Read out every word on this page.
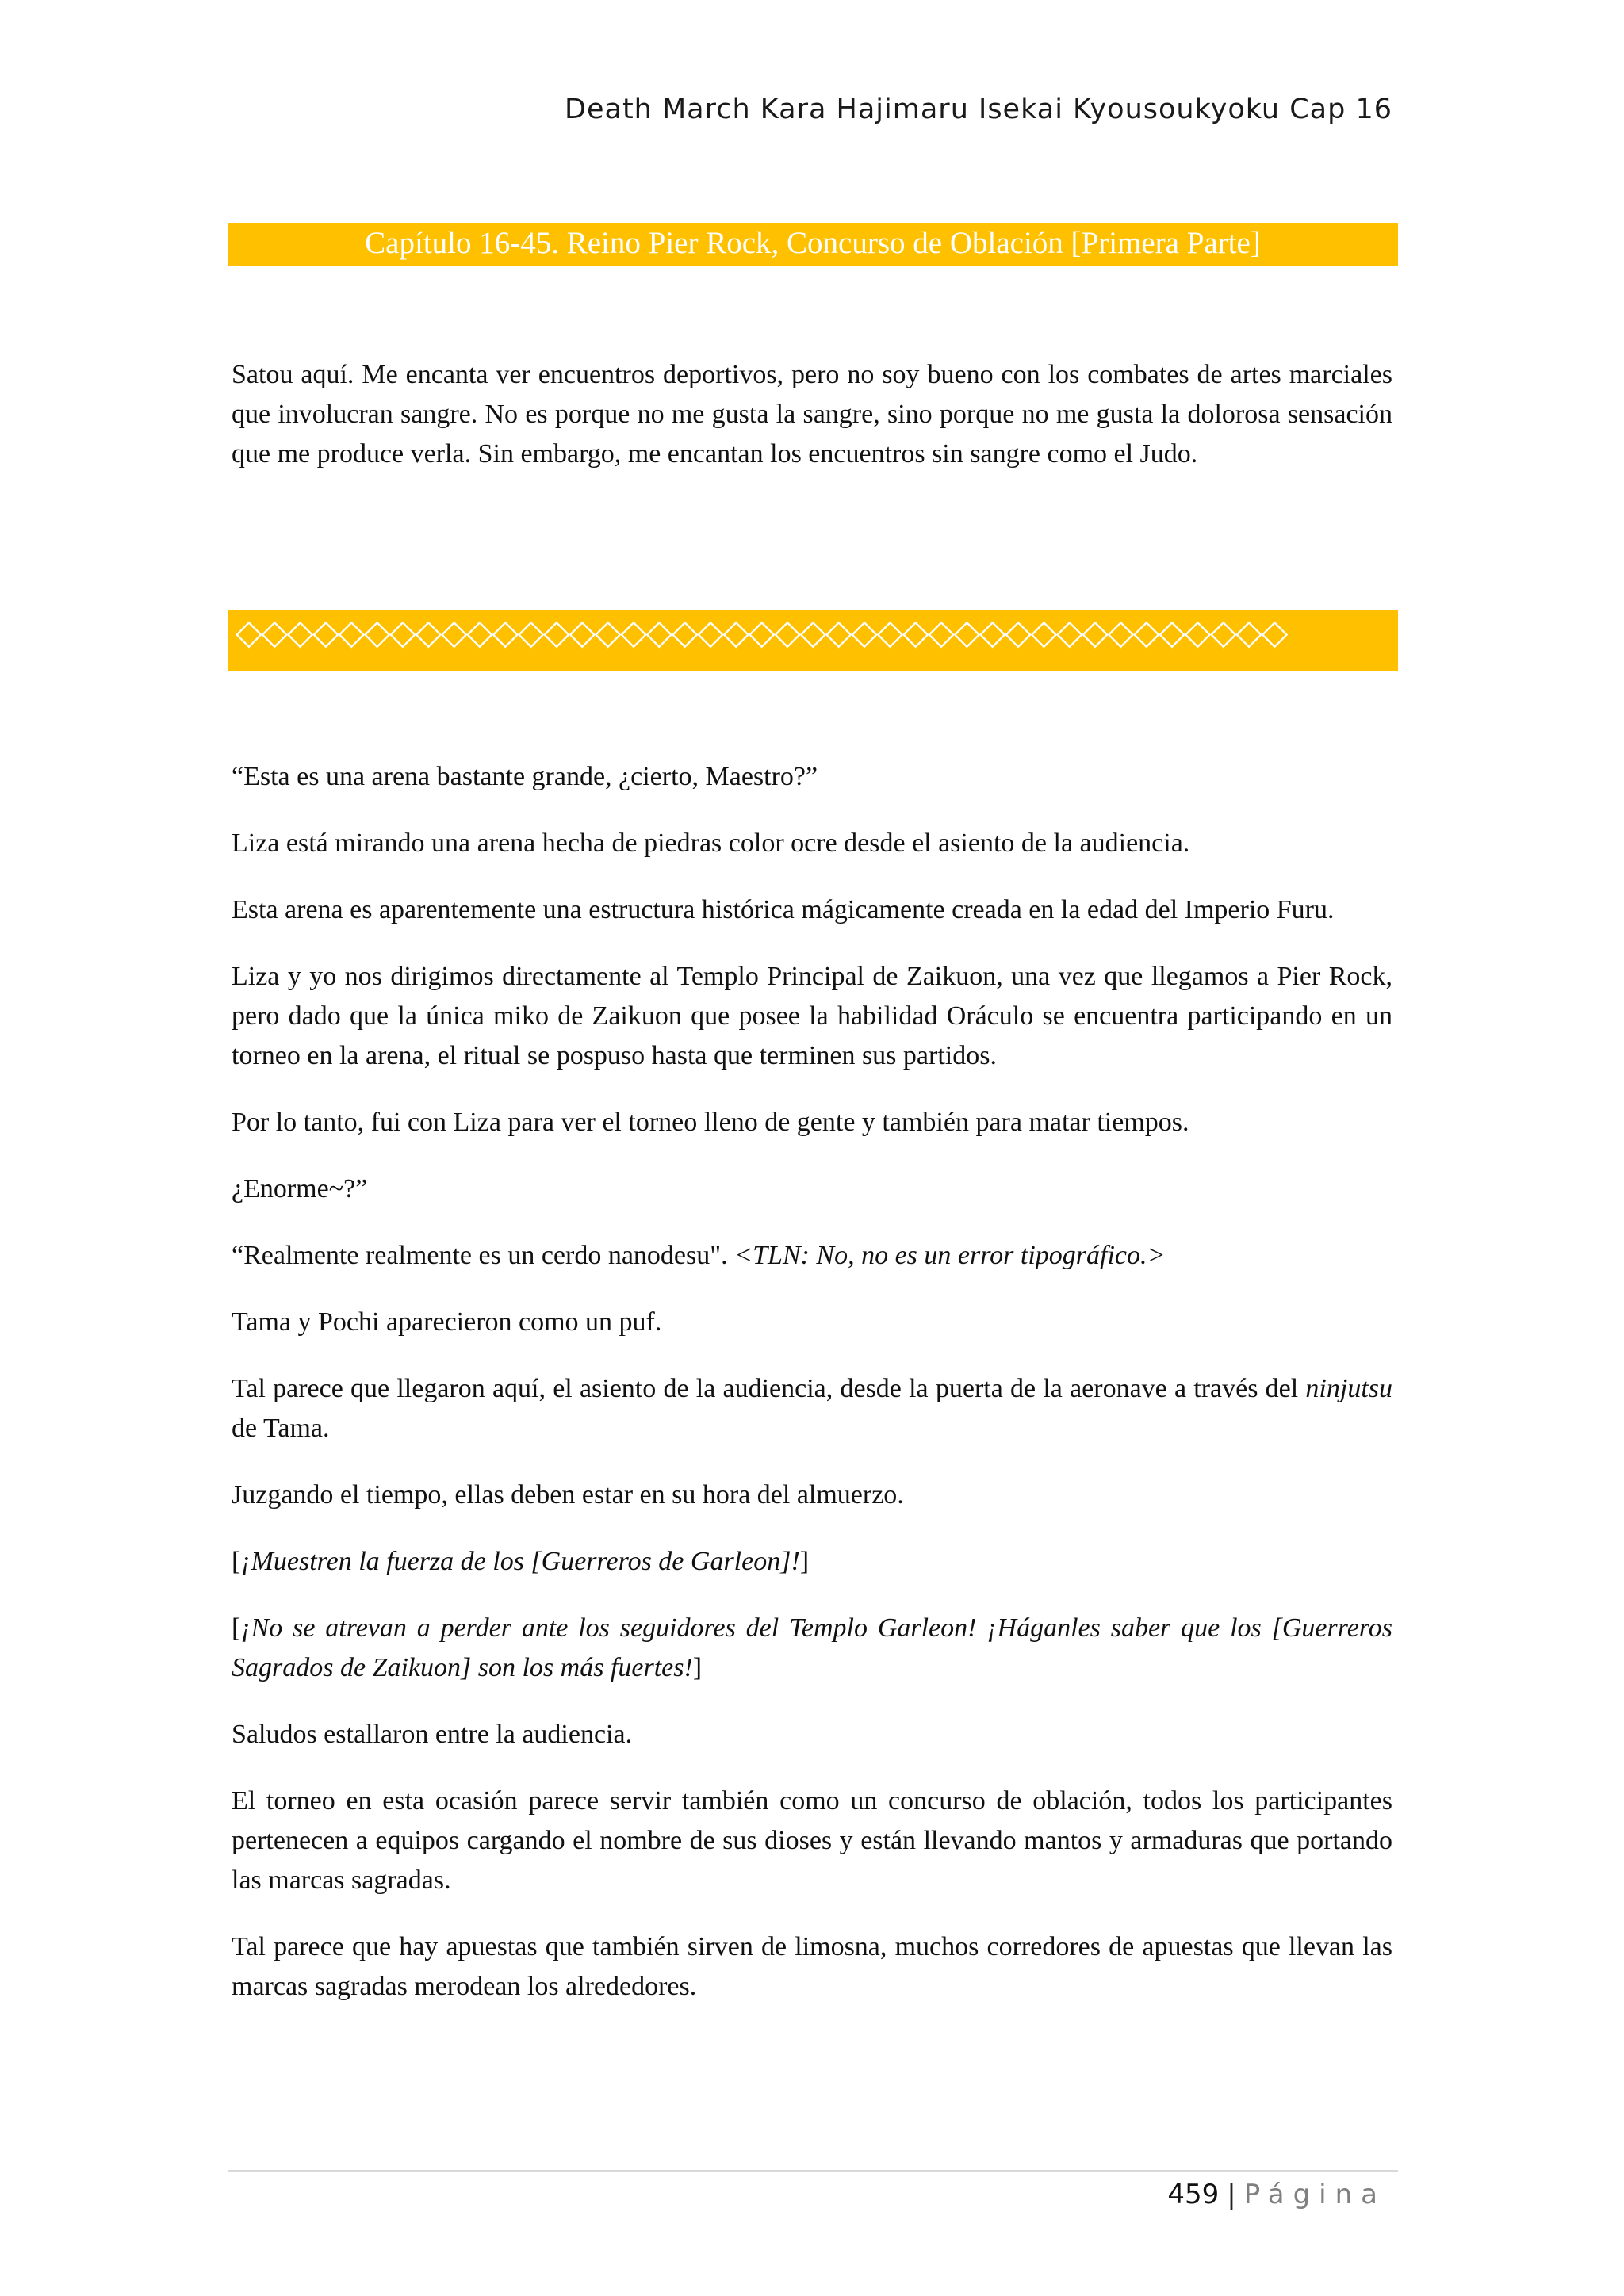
Death March Kara Hajimaru Isekai Kyousoukyoku Cap 16
Capítulo 16-45. Reino Pier Rock, Concurso de Oblación [Primera Parte]
Satou aquí. Me encanta ver encuentros deportivos, pero no soy bueno con los combates de artes marciales que involucran sangre. No es porque no me gusta la sangre, sino porque no me gusta la dolorosa sensación que me produce verla. Sin embargo, me encantan los encuentros sin sangre como el Judo.
◇◇◇◇◇◇◇◇◇◇◇◇◇◇◇◇◇◇◇◇◇◇◇◇◇◇◇◇◇◇◇◇◇◇◇◇◇◇◇◇◇

“Esta es una arena bastante grande, ¿cierto, Maestro?”

Liza está mirando una arena hecha de piedras color ocre desde el asiento de la audiencia.

Esta arena es aparentemente una estructura histórica mágicamente creada en la edad del Imperio Furu.

Liza y yo nos dirigimos directamente al Templo Principal de Zaikuon, una vez que llegamos a Pier Rock, pero dado que la única miko de Zaikuon que posee la habilidad Oráculo se encuentra participando en un torneo en la arena, el ritual se pospuso hasta que terminen sus partidos.

Por lo tanto, fui con Liza para ver el torneo lleno de gente y también para matar tiempos.

¿Enorme~?”

“Realmente realmente es un cerdo nanodesu". <TLN: No, no es un error tipográfico.>

Tama y Pochi aparecieron como un puf.

Tal parece que llegaron aquí, el asiento de la audiencia, desde la puerta de la aeronave a través del ninjutsu de Tama.

Juzgando el tiempo, ellas deben estar en su hora del almuerzo.

[¡Muestren la fuerza de los [Guerreros de Garleon]!]

[¡No se atrevan a perder ante los seguidores del Templo Garleon! ¡Háganles saber que los [Guerreros Sagrados de Zaikuon] son los más fuertes!]

Saludos estallaron entre la audiencia.

El torneo en esta ocasión parece servir también como un concurso de oblación, todos los participantes pertenecen a equipos cargando el nombre de sus dioses y están llevando mantos y armaduras que portando las marcas sagradas.

Tal parece que hay apuestas que también sirven de limosna, muchos corredores de apuestas que llevan las marcas sagradas merodean los alrededores.

459 | Página
